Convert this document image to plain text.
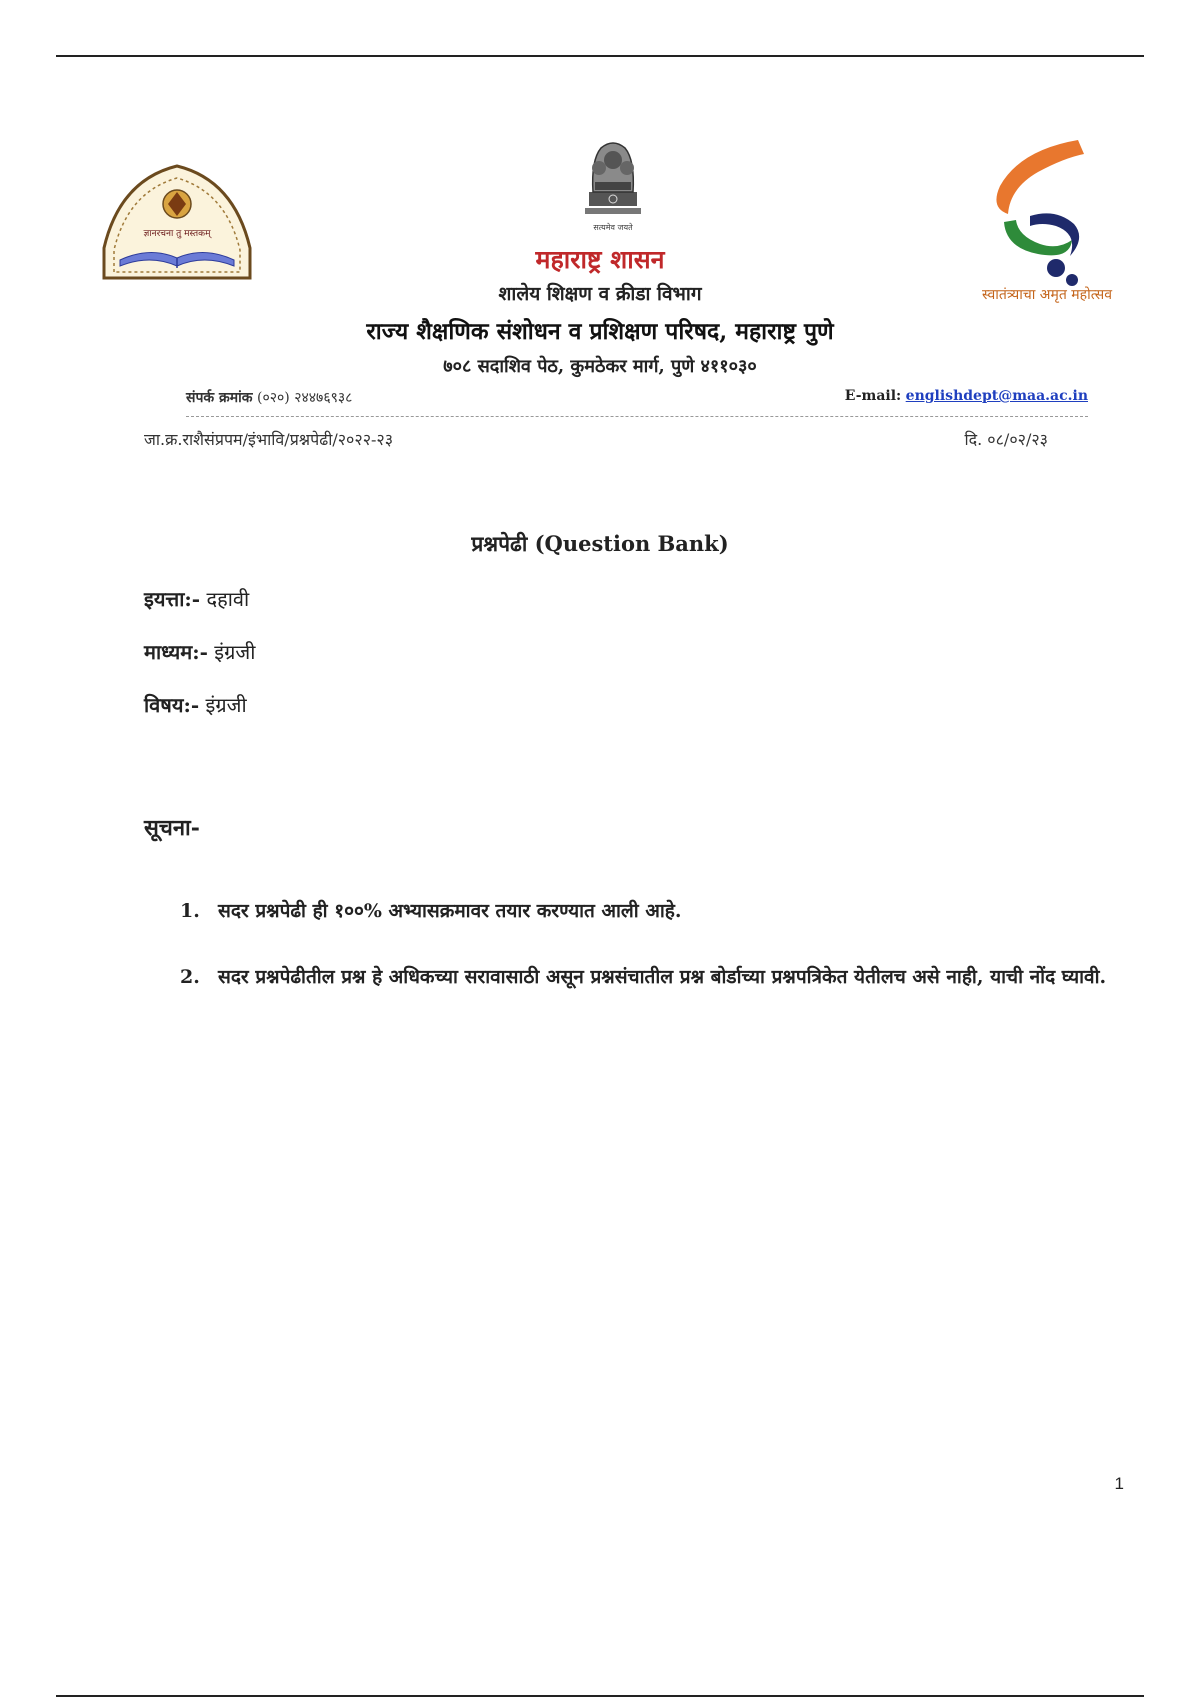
ज्ञानरचना तु मस्तकम्
सत्यमेव जयते
स्वातंत्र्याचा अमृत महोत्सव
महाराष्ट्र शासन
शालेय शिक्षण व क्रीडा विभाग
राज्य शैक्षणिक संशोधन व प्रशिक्षण परिषद, महाराष्ट्र पुणे
७०८ सदाशिव पेठ, कुमठेकर मार्ग, पुणे ४११०३०
संपर्क क्रमांक (०२०) २४४७६९३८	E-mail: englishdept@maa.ac.in
जा.क्र.राशैसंप्रपम/इंभावि/प्रश्नपेढी/२०२२-२३	दि. ०८/०२/२३
प्रश्नपेढी (Question Bank)
इयत्ता:- दहावी
माध्यम:- इंग्रजी
विषय:- इंग्रजी
सूचना-
1. सदर प्रश्नपेढी ही १००% अभ्यासक्रमावर तयार करण्यात आली आहे.
2. सदर प्रश्नपेढीतील प्रश्न हे अधिकच्या सरावासाठी असून प्रश्नसंचातील प्रश्न बोर्डाच्या प्रश्नपत्रिकेत येतीलच असे नाही, याची नोंद घ्यावी.
1
